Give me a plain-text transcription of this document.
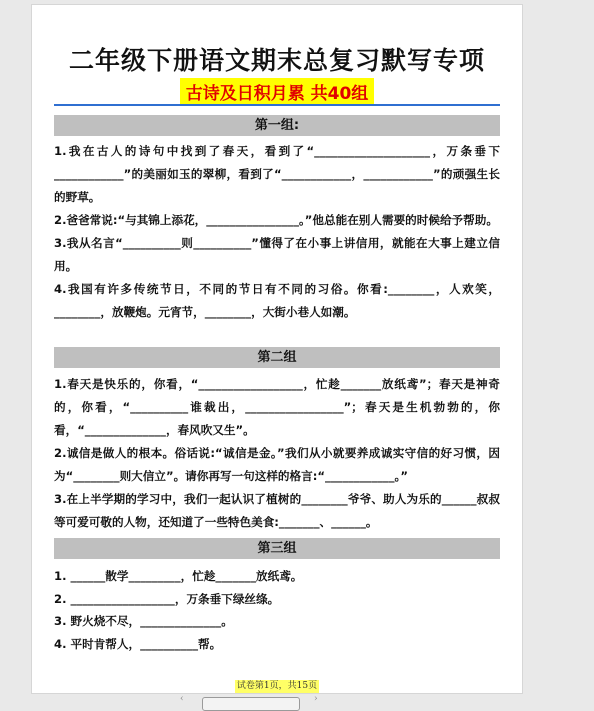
二年级下册语文期末总复习默写专项
古诗及日积月累 共40组
第一组:

1.我在古人的诗句中找到了春天，看到了“____________________，万条垂下____________”的美丽如玉的翠柳，看到了“____________，____________”的顽强生长的野草。

2.爸爸常说:“与其锦上添花，________________。”他总能在别人需要的时候给予帮助。

3.我从名言“__________则__________”懂得了在小事上讲信用，就能在大事上建立信用。

4.我国有许多传统节日，不同的节日有不同的习俗。你看:________，人欢笑，________，放鞭炮。元宵节，________，大街小巷人如潮。

第二组

1.春天是快乐的，你看，“__________________，忙趁_______放纸鸢”；春天是神奇的，你看，“__________谁裁出，_________________”；春天是生机勃勃的，你看，“______________，春风吹又生”。

2.诚信是做人的根本。俗话说:“诚信是金。”我们从小就要养成诚实守信的好习惯，因为“________则大信立”。请你再写一句这样的格言:“____________。”

3.在上半学期的学习中，我们一起认识了植树的________爷爷、助人为乐的______叔叔等可爱可敬的人物，还知道了一些特色美食:_______、______。

第三组

1. ______散学_________，忙趁_______放纸鸢。

2. __________________，万条垂下绿丝绦。

3. 野火烧不尽，______________。

4. 平时肯帮人，__________帮。

试卷第1页，共15页
‹	›
